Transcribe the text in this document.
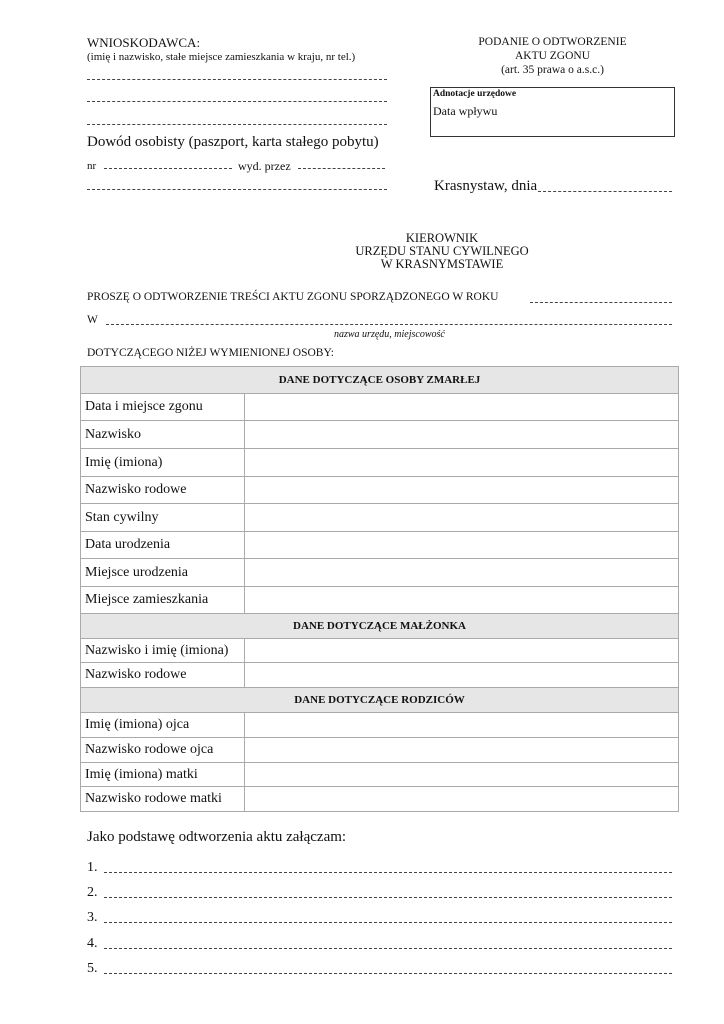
WNIOSKODAWCA:
(imię i nazwisko, stałe miejsce zamieszkania w kraju, nr tel.)
PODANIE O ODTWORZENIE
AKTU ZGONU
(art. 35 prawa o a.s.c.)
Adnotacje urzędowe
Data wpływu
Dowód osobisty (paszport, karta stałego pobytu)
nr	wyd. przez
Krasnystaw, dnia
KIEROWNIK
URZĘDU STANU CYWILNEGO
W KRASNYMSTAWIE
PROSZĘ O ODTWORZENIE TREŚCI AKTU ZGONU SPORZĄDZONEGO W ROKU
W
nazwa urzędu, miejscowość
DOTYCZĄCEGO NIŻEJ WYMIENIONEJ OSOBY:
DANE DOTYCZĄCE OSOBY ZMARŁEJ	
Data i miejsce zgonu	
Nazwisko	
Imię (imiona)	
Nazwisko rodowe	
Stan cywilny	
Data urodzenia	
Miejsce urodzenia	
Miejsce zamieszkania	
DANE DOTYCZĄCE MAŁŻONKA	
Nazwisko i imię (imiona)	
Nazwisko rodowe	
DANE DOTYCZĄCE RODZICÓW	
Imię (imiona) ojca	
Nazwisko rodowe ojca	
Imię (imiona) matki	
Nazwisko rodowe matki	
Jako podstawę odtworzenia aktu załączam:
1.
2.
3.
4.
5.
